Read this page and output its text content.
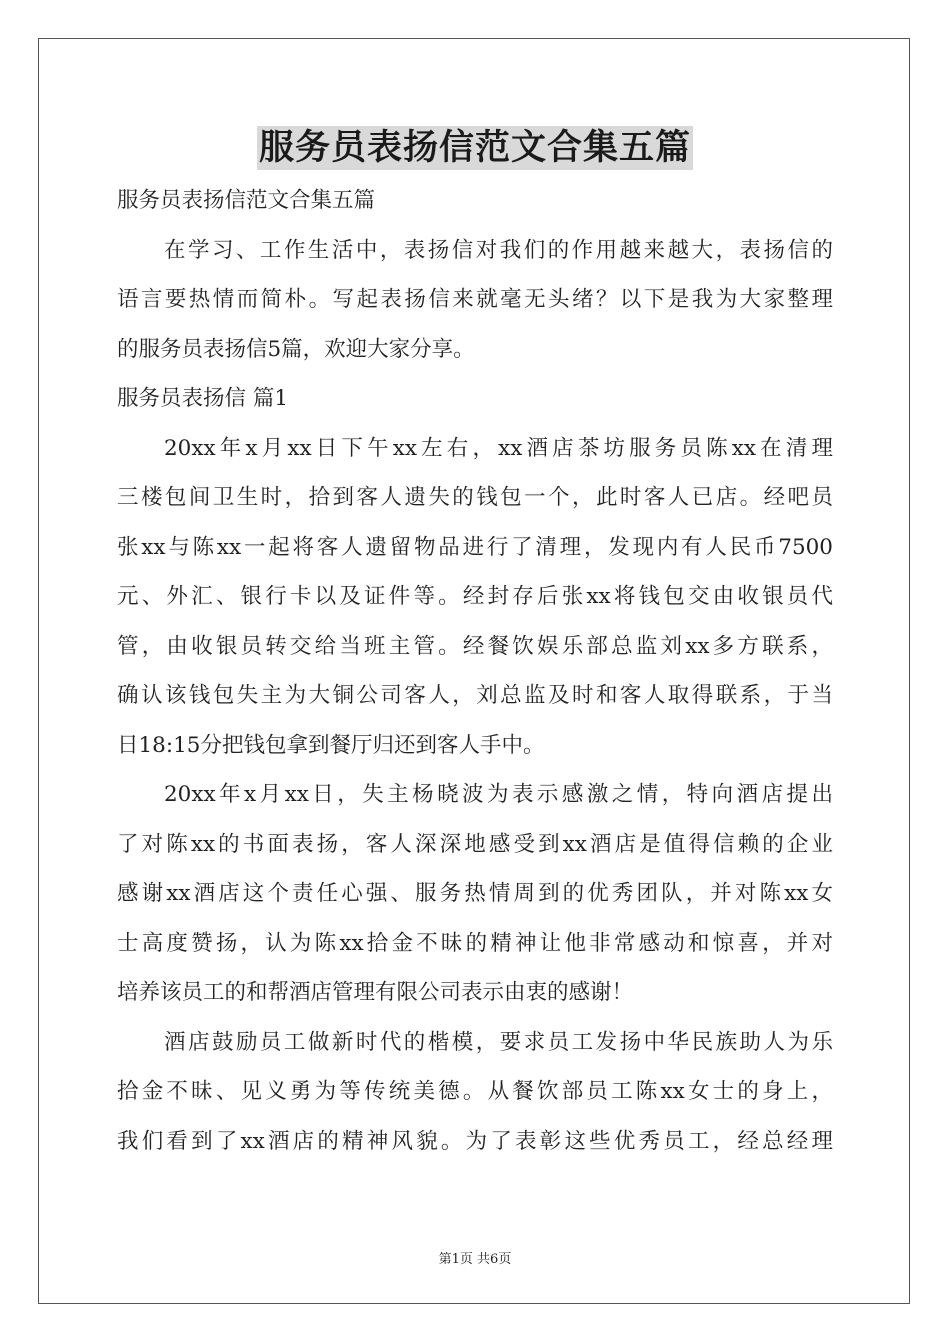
服务员表扬信范文合集五篇
服务员表扬信范文合集五篇
在学习、工作生活中，表扬信对我们的作用越来越大，表扬信的
语言要热情而简朴。写起表扬信来就毫无头绪？以下是我为大家整理
的服务员表扬信5篇，欢迎大家分享。
服务员表扬信 篇1
20xx年x月xx日下午xx左右，xx酒店茶坊服务员陈xx在清理
三楼包间卫生时，拾到客人遗失的钱包一个，此时客人已店。经吧员
张xx与陈xx一起将客人遗留物品进行了清理，发现内有人民币7500
元、外汇、银行卡以及证件等。经封存后张xx将钱包交由收银员代
管，由收银员转交给当班主管。经餐饮娱乐部总监刘xx多方联系，
确认该钱包失主为大铜公司客人，刘总监及时和客人取得联系，于当
日18:15分把钱包拿到餐厅归还到客人手中。
20xx年x月xx日，失主杨晓波为表示感激之情，特向酒店提出
了对陈xx的书面表扬，客人深深地感受到xx酒店是值得信赖的企业
感谢xx酒店这个责任心强、服务热情周到的优秀团队，并对陈xx女
士高度赞扬，认为陈xx拾金不昧的精神让他非常感动和惊喜，并对
培养该员工的和帮酒店管理有限公司表示由衷的感谢！
酒店鼓励员工做新时代的楷模，要求员工发扬中华民族助人为乐
拾金不昧、见义勇为等传统美德。从餐饮部员工陈xx女士的身上，
我们看到了xx酒店的精神风貌。为了表彰这些优秀员工，经总经理
第1页 共6页
